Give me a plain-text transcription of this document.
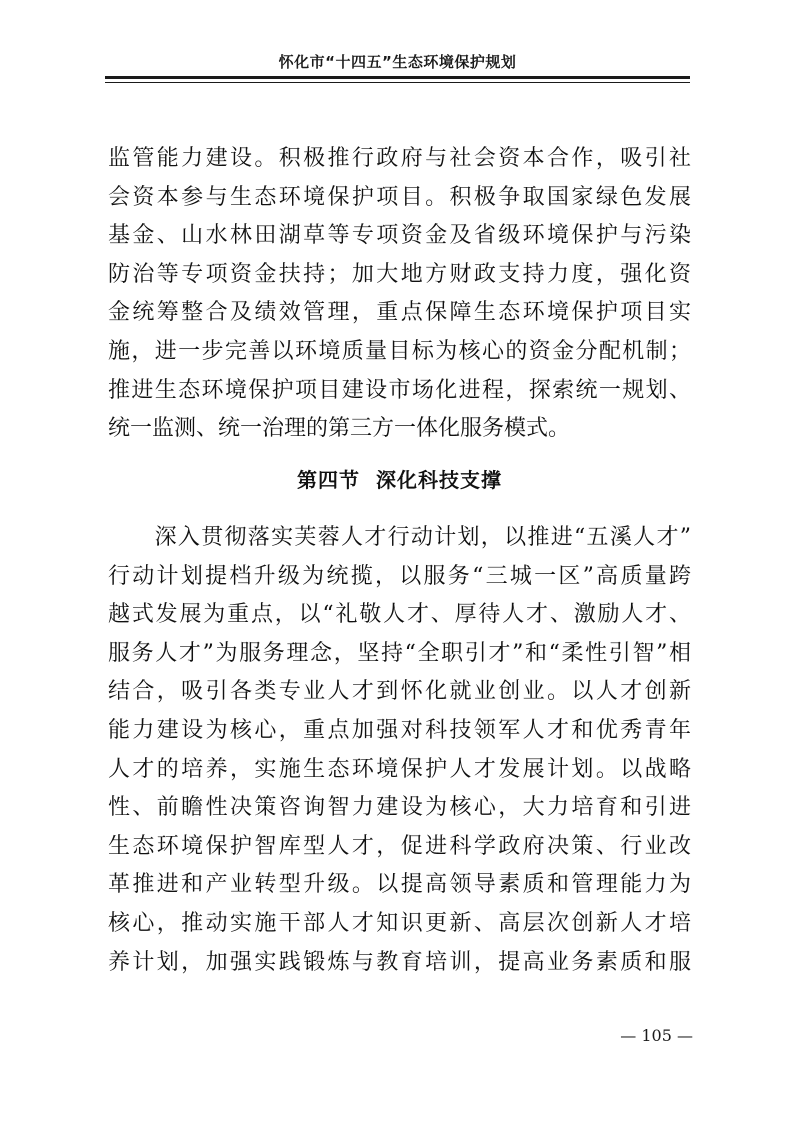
怀化市“十四五”生态环境保护规划
监管能力建设。积极推行政府与社会资本合作，吸引社
会资本参与生态环境保护项目。积极争取国家绿色发展
基金、山水林田湖草等专项资金及省级环境保护与污染
防治等专项资金扶持；加大地方财政支持力度，强化资
金统筹整合及绩效管理，重点保障生态环境保护项目实
施，进一步完善以环境质量目标为核心的资金分配机制；
推进生态环境保护项目建设市场化进程，探索统一规划、
统一监测、统一治理的第三方一体化服务模式。
第四节  深化科技支撑
　　深入贯彻落实芙蓉人才行动计划，以推进“五溪人才”
行动计划提档升级为统揽，以服务“三城一区”高质量跨
越式发展为重点，以“礼敬人才、厚待人才、激励人才、
服务人才”为服务理念，坚持“全职引才”和“柔性引智”相
结合，吸引各类专业人才到怀化就业创业。以人才创新
能力建设为核心，重点加强对科技领军人才和优秀青年
人才的培养，实施生态环境保护人才发展计划。以战略
性、前瞻性决策咨询智力建设为核心，大力培育和引进
生态环境保护智库型人才，促进科学政府决策、行业改
革推进和产业转型升级。以提高领导素质和管理能力为
核心，推动实施干部人才知识更新、高层次创新人才培
养计划，加强实践锻炼与教育培训，提高业务素质和服
— 105 —
